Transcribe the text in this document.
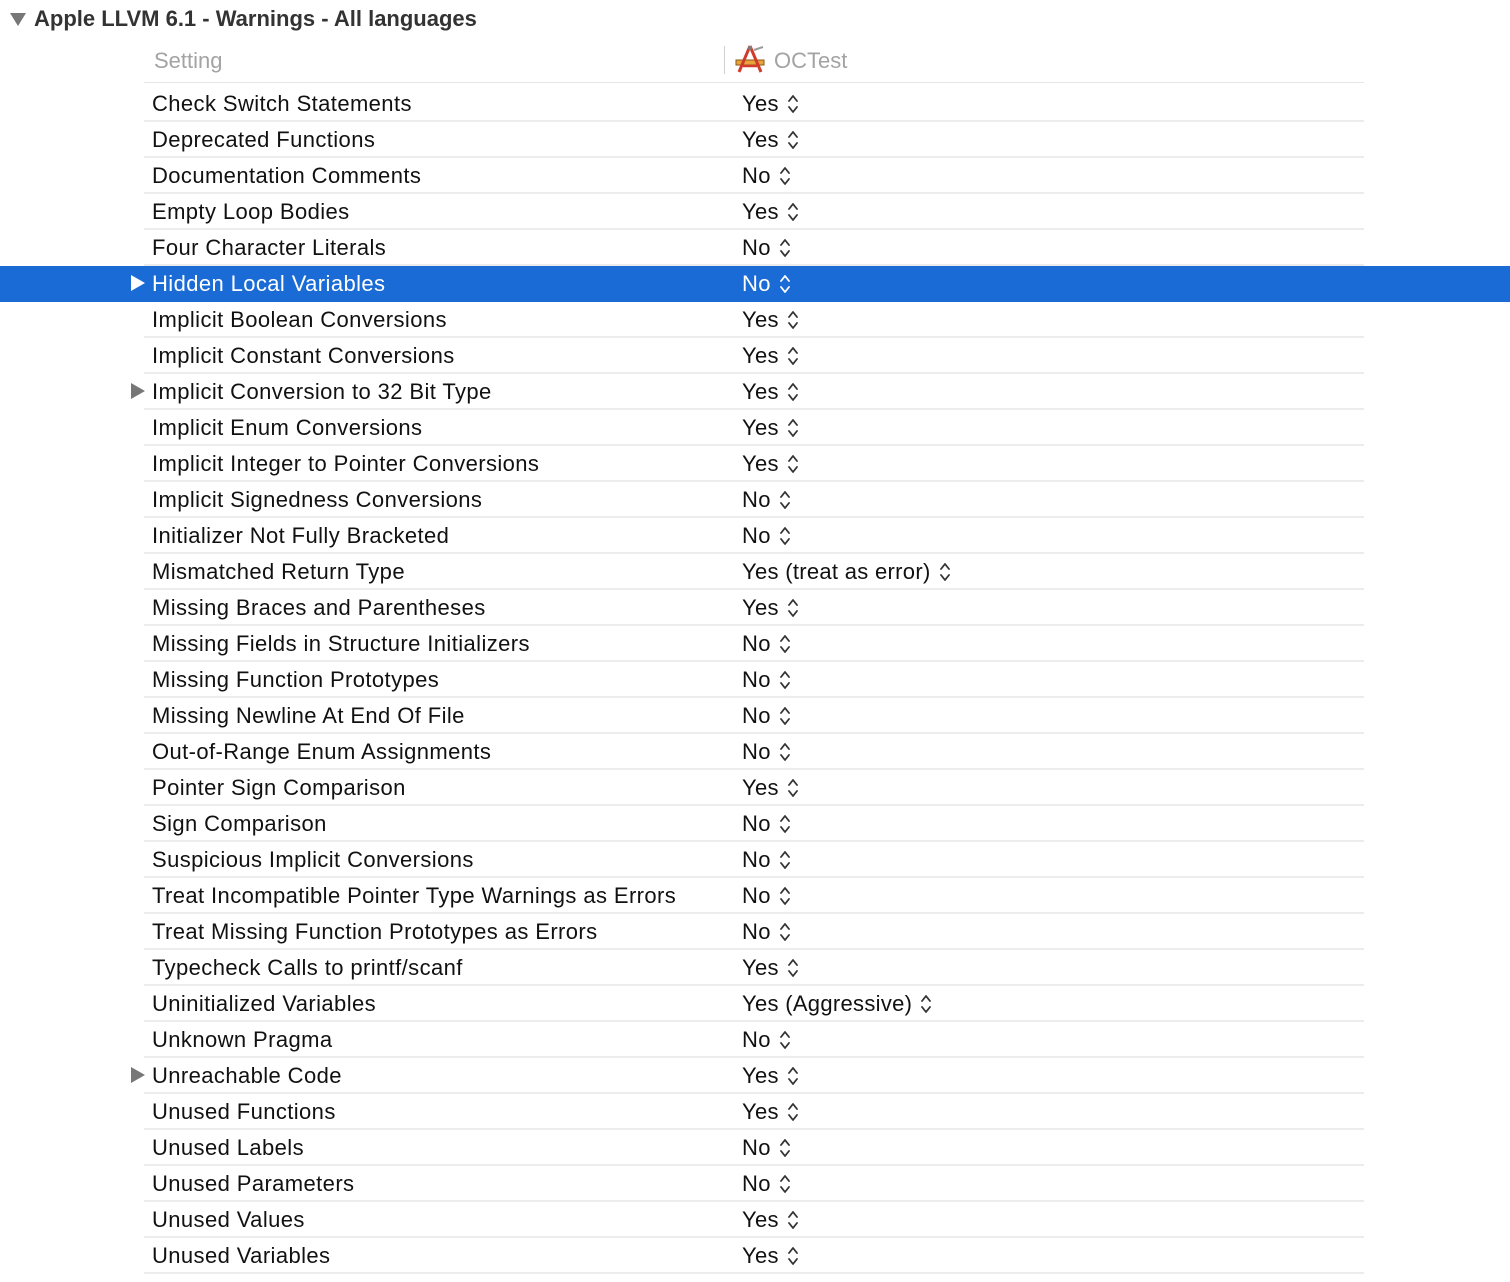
Apple LLVM 6.1 - Warnings - All languages
Setting	OCTest
Check Switch Statements	Yes
Deprecated Functions	Yes
Documentation Comments	No
Empty Loop Bodies	Yes
Four Character Literals	No
Hidden Local Variables	No
Implicit Boolean Conversions	Yes
Implicit Constant Conversions	Yes
Implicit Conversion to 32 Bit Type	Yes
Implicit Enum Conversions	Yes
Implicit Integer to Pointer Conversions	Yes
Implicit Signedness Conversions	No
Initializer Not Fully Bracketed	No
Mismatched Return Type	Yes (treat as error)
Missing Braces and Parentheses	Yes
Missing Fields in Structure Initializers	No
Missing Function Prototypes	No
Missing Newline At End Of File	No
Out-of-Range Enum Assignments	No
Pointer Sign Comparison	Yes
Sign Comparison	No
Suspicious Implicit Conversions	No
Treat Incompatible Pointer Type Warnings as Errors	No
Treat Missing Function Prototypes as Errors	No
Typecheck Calls to printf/scanf	Yes
Uninitialized Variables	Yes (Aggressive)
Unknown Pragma	No
Unreachable Code	Yes
Unused Functions	Yes
Unused Labels	No
Unused Parameters	No
Unused Values	Yes
Unused Variables	Yes
